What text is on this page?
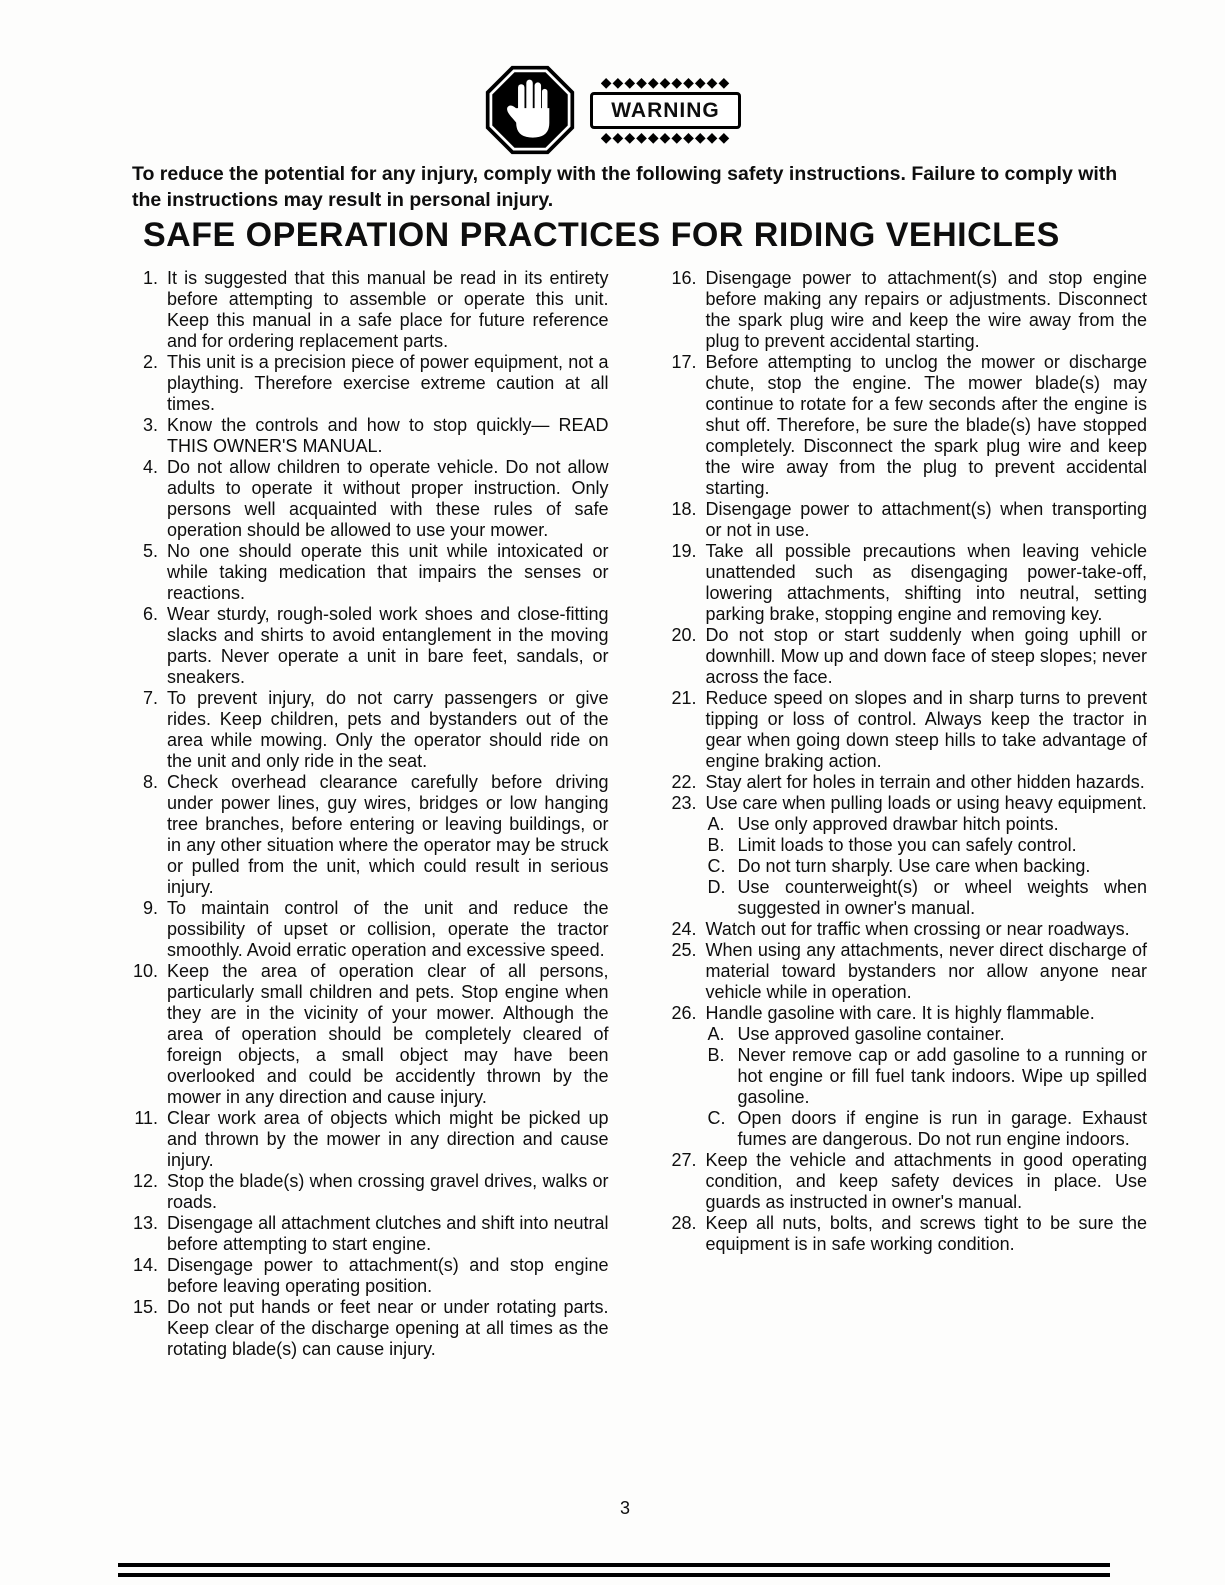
◆◆◆◆◆◆◆◆◆◆◆
WARNING
◆◆◆◆◆◆◆◆◆◆◆
To reduce the potential for any injury, comply with the following safety instructions. Failure to comply with the instructions may result in personal injury.
SAFE OPERATION PRACTICES FOR RIDING VEHICLES
1. It is suggested that this manual be read in its entirety before attempting to assemble or operate this unit. Keep this manual in a safe place for future reference and for ordering replacement parts.
2. This unit is a precision piece of power equipment, not a plaything. Therefore exercise extreme caution at all times.
3. Know the controls and how to stop quickly— READ THIS OWNER'S MANUAL.
4. Do not allow children to operate vehicle. Do not allow adults to operate it without proper instruction. Only persons well acquainted with these rules of safe operation should be allowed to use your mower.
5. No one should operate this unit while intoxicated or while taking medication that impairs the senses or reactions.
6. Wear sturdy, rough-soled work shoes and close-fitting slacks and shirts to avoid entanglement in the moving parts. Never operate a unit in bare feet, sandals, or sneakers.
7. To prevent injury, do not carry passengers or give rides. Keep children, pets and bystanders out of the area while mowing. Only the operator should ride on the unit and only ride in the seat.
8. Check overhead clearance carefully before driving under power lines, guy wires, bridges or low hanging tree branches, before entering or leaving buildings, or in any other situation where the operator may be struck or pulled from the unit, which could result in serious injury.
9. To maintain control of the unit and reduce the possibility of upset or collision, operate the tractor smoothly. Avoid erratic operation and excessive speed.
10. Keep the area of operation clear of all persons, particularly small children and pets. Stop engine when they are in the vicinity of your mower. Although the area of operation should be completely cleared of foreign objects, a small object may have been overlooked and could be accidently thrown by the mower in any direction and cause injury.
11. Clear work area of objects which might be picked up and thrown by the mower in any direction and cause injury.
12. Stop the blade(s) when crossing gravel drives, walks or roads.
13. Disengage all attachment clutches and shift into neutral before attempting to start engine.
14. Disengage power to attachment(s) and stop engine before leaving operating position.
15. Do not put hands or feet near or under rotating parts. Keep clear of the discharge opening at all times as the rotating blade(s) can cause injury.
16. Disengage power to attachment(s) and stop engine before making any repairs or adjustments. Disconnect the spark plug wire and keep the wire away from the plug to prevent accidental starting.
17. Before attempting to unclog the mower or discharge chute, stop the engine. The mower blade(s) may continue to rotate for a few seconds after the engine is shut off. Therefore, be sure the blade(s) have stopped completely. Disconnect the spark plug wire and keep the wire away from the plug to prevent accidental starting.
18. Disengage power to attachment(s) when transporting or not in use.
19. Take all possible precautions when leaving vehicle unattended such as disengaging power-take-off, lowering attachments, shifting into neutral, setting parking brake, stopping engine and removing key.
20. Do not stop or start suddenly when going uphill or downhill. Mow up and down face of steep slopes; never across the face.
21. Reduce speed on slopes and in sharp turns to prevent tipping or loss of control. Always keep the tractor in gear when going down steep hills to take advantage of engine braking action.
22. Stay alert for holes in terrain and other hidden hazards.
23. Use care when pulling loads or using heavy equipment.
A. Use only approved drawbar hitch points.
B. Limit loads to those you can safely control.
C. Do not turn sharply. Use care when backing.
D. Use counterweight(s) or wheel weights when suggested in owner's manual.
24. Watch out for traffic when crossing or near roadways.
25. When using any attachments, never direct discharge of material toward bystanders nor allow anyone near vehicle while in operation.
26. Handle gasoline with care. It is highly flammable.
A. Use approved gasoline container.
B. Never remove cap or add gasoline to a running or hot engine or fill fuel tank indoors. Wipe up spilled gasoline.
C. Open doors if engine is run in garage. Exhaust fumes are dangerous. Do not run engine indoors.
27. Keep the vehicle and attachments in good operating condition, and keep safety devices in place. Use guards as instructed in owner's manual.
28. Keep all nuts, bolts, and screws tight to be sure the equipment is in safe working condition.
3
